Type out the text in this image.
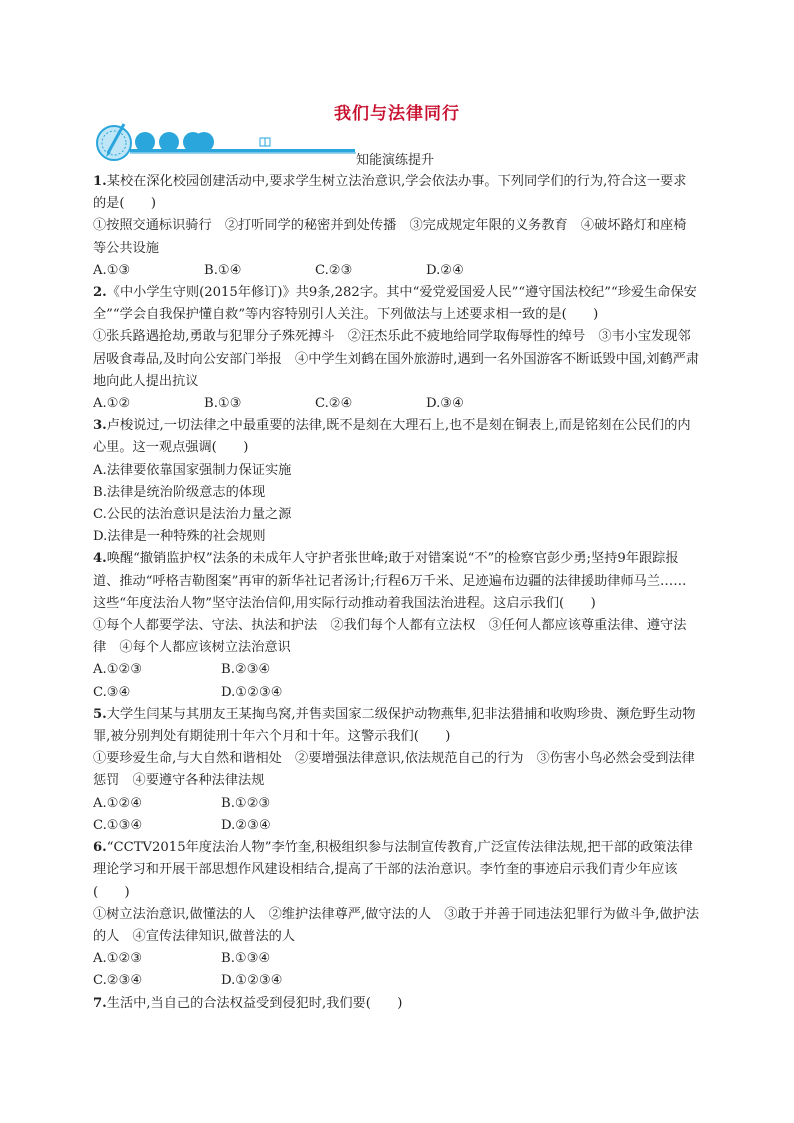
我们与法律同行
知能演练提升

1.某校在深化校园创建活动中,要求学生树立法治意识,学会依法办事。下列同学们的行为,符合这一要求的是(　　)

①按照交通标识骑行　②打听同学的秘密并到处传播　③完成规定年限的义务教育　④破坏路灯和座椅等公共设施

A.①③	B.①④	C.②③	D.②④

2.《中小学生守则(2015年修订)》共9条,282字。其中“爱党爱国爱人民”“遵守国法校纪”“珍爱生命保安全”“学会自我保护懂自救”等内容特别引人关注。下列做法与上述要求相一致的是(　　)

①张兵路遇抢劫,勇敢与犯罪分子殊死搏斗　②汪杰乐此不疲地给同学取侮辱性的绰号　③韦小宝发现邻居吸食毒品,及时向公安部门举报　④中学生刘鹤在国外旅游时,遇到一名外国游客不断诋毁中国,刘鹤严肃地向此人提出抗议

A.①②	B.①③	C.②④	D.③④

3.卢梭说过,一切法律之中最重要的法律,既不是刻在大理石上,也不是刻在铜表上,而是铭刻在公民们的内心里。这一观点强调(　　)

A.法律要依靠国家强制力保证实施
B.法律是统治阶级意志的体现
C.公民的法治意识是法治力量之源
D.法律是一种特殊的社会规则

4.唤醒“撤销监护权”法条的未成年人守护者张世峰;敢于对错案说“不”的检察官彭少勇;坚持9年跟踪报道、推动“呼格吉勒图案”再审的新华社记者汤计;行程6万千米、足迹遍布边疆的法律援助律师马兰……这些“年度法治人物”坚守法治信仰,用实际行动推动着我国法治进程。这启示我们(　　)

①每个人都要学法、守法、执法和护法　②我们每个人都有立法权　③任何人都应该尊重法律、遵守法律　④每个人都应该树立法治意识

A.①②③	B.②③④
C.③④	D.①②③④

5.大学生闫某与其朋友王某掏鸟窝,并售卖国家二级保护动物燕隼,犯非法猎捕和收购珍贵、濒危野生动物罪,被分别判处有期徒刑十年六个月和十年。这警示我们(　　)

①要珍爱生命,与大自然和谐相处　②要增强法律意识,依法规范自己的行为　③伤害小鸟必然会受到法律惩罚　④要遵守各种法律法规

A.①②④	B.①②③
C.①③④	D.②③④

6.“CCTV2015年度法治人物”李竹奎,积极组织参与法制宣传教育,广泛宣传法律法规,把干部的政策法律理论学习和开展干部思想作风建设相结合,提高了干部的法治意识。李竹奎的事迹启示我们青少年应该(　　)

①树立法治意识,做懂法的人　②维护法律尊严,做守法的人　③敢于并善于同违法犯罪行为做斗争,做护法的人　④宣传法律知识,做普法的人

A.①②③	B.①③④
C.②③④	D.①②③④

7.生活中,当自己的合法权益受到侵犯时,我们要(　　)
